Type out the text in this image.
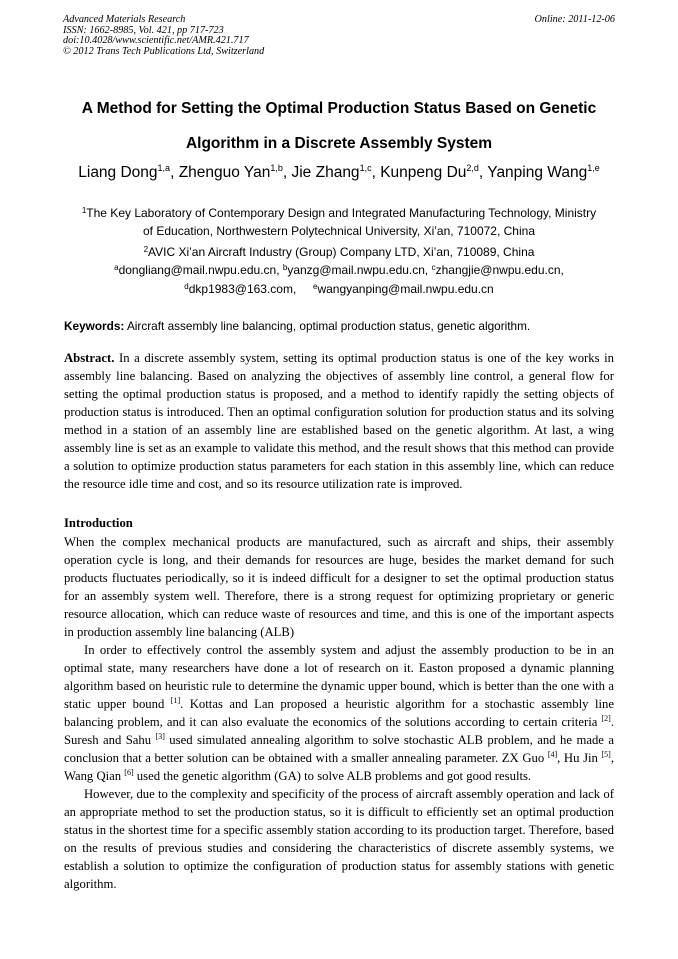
Advanced Materials Research
ISSN: 1662-8985, Vol. 421, pp 717-723
doi:10.4028/www.scientific.net/AMR.421.717
© 2012 Trans Tech Publications Ltd, Switzerland
Online: 2011-12-06
A Method for Setting the Optimal Production Status Based on Genetic
Algorithm in a Discrete Assembly System
Liang Dong$^{1,a}$, Zhenguo Yan$^{1,b}$, Jie Zhang$^{1,c}$, Kunpeng Du$^{2,d}$, Yanping Wang$^{1,e}$
$^1$The Key Laboratory of Contemporary Design and Integrated Manufacturing Technology, Ministry
of Education, Northwestern Polytechnical University, Xi’an, 710072, China
$^2$AVIC Xi’an Aircraft Industry (Group) Company LTD, Xi’an, 710089, China
$^a$dongliang@mail.nwpu.edu.cn, $^b$yanzg@mail.nwpu.edu.cn, $^c$zhangjie@nwpu.edu.cn,
$^d$dkp1983@163.com, $^e$wangyanping@mail.nwpu.edu.cn
Keywords: Aircraft assembly line balancing, optimal production status, genetic algorithm.

Abstract. In a discrete assembly system, setting its optimal production status is one of the key works in assembly line balancing. Based on analyzing the objectives of assembly line control, a general flow for setting the optimal production status is proposed, and a method to identify rapidly the setting objects of production status is introduced. Then an optimal configuration solution for production status and its solving method in a station of an assembly line are established based on the genetic algorithm. At last, a wing assembly line is set as an example to validate this method, and the result shows that this method can provide a solution to optimize production status parameters for each station in this assembly line, which can reduce the resource idle time and cost, and so its resource utilization rate is improved.

Introduction

When the complex mechanical products are manufactured, such as aircraft and ships, their assembly operation cycle is long, and their demands for resources are huge, besides the market demand for such products fluctuates periodically, so it is indeed difficult for a designer to set the optimal production status for an assembly system well. Therefore, there is a strong request for optimizing proprietary or generic resource allocation, which can reduce waste of resources and time, and this is one of the important aspects in production assembly line balancing (ALB)

In order to effectively control the assembly system and adjust the assembly production to be in an optimal state, many researchers have done a lot of research on it. Easton proposed a dynamic planning algorithm based on heuristic rule to determine the dynamic upper bound, which is better than the one with a static upper bound [1]. Kottas and Lan proposed a heuristic algorithm for a stochastic assembly line balancing problem, and it can also evaluate the economics of the solutions according to certain criteria [2]. Suresh and Sahu [3] used simulated annealing algorithm to solve stochastic ALB problem, and he made a conclusion that a better solution can be obtained with a smaller annealing parameter. ZX Guo [4], Hu Jin [5], Wang Qian [6] used the genetic algorithm (GA) to solve ALB problems and got good results.

However, due to the complexity and specificity of the process of aircraft assembly operation and lack of an appropriate method to set the production status, so it is difficult to efficiently set an optimal production status in the shortest time for a specific assembly station according to its production target. Therefore, based on the results of previous studies and considering the characteristics of discrete assembly systems, we establish a solution to optimize the configuration of production status for assembly stations with genetic algorithm.
